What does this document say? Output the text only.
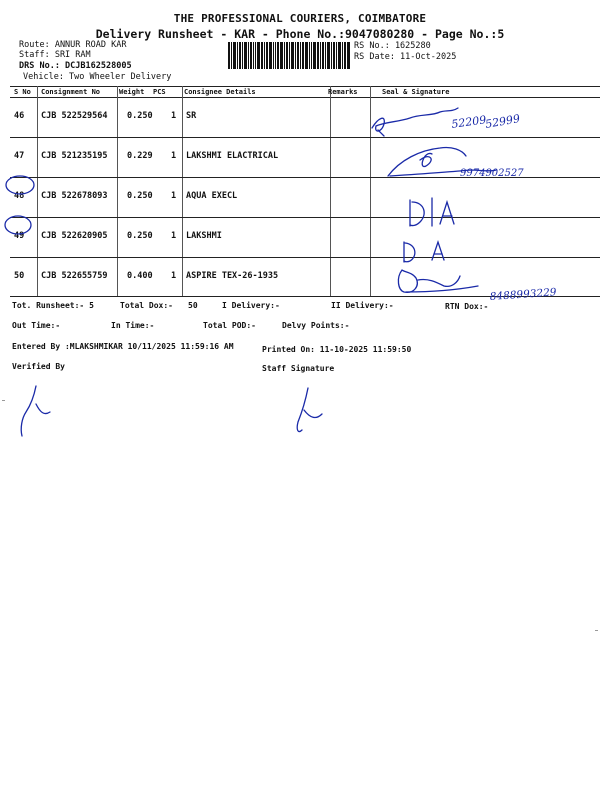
THE PROFESSIONAL COURIERS, COIMBATORE
Delivery Runsheet - KAR - Phone No.:9047080280 - Page No.:5
Route: ANNUR ROAD KAR
Staff: SRI RAM
DRS No.: DCJB162528005
Vehicle: Two Wheeler Delivery
RS No.: 1625280
RS Date: 11-Oct-2025
S No Consignment No	Weight PCS	Consignee Details	Remarks	Seal & Signature
46 CJB 522529564 0.250 1 SR
47 CJB 521235195 0.229 1 LAKSHMI ELACTRICAL
48 CJB 522678093 0.250 1 AQUA EXECL
49 CJB 522620905 0.250 1 LAKSHMI
50 CJB 522655759 0.400 1 ASPIRE TEX-26-1935
Tot. Runsheet:- 5	Total Dox:- 50	I Delivery:-	II Delivery:-	RTN Dox:-
Out Time:-	In Time:-	Total POD:-	Delvy Points:-
Entered By :MLAKSHMIKAR 10/11/2025 11:59:16 AM	Printed On: 11-10-2025 11:59:50
Verified By	Staff Signature
52209
52999
9974902527
8488993229
